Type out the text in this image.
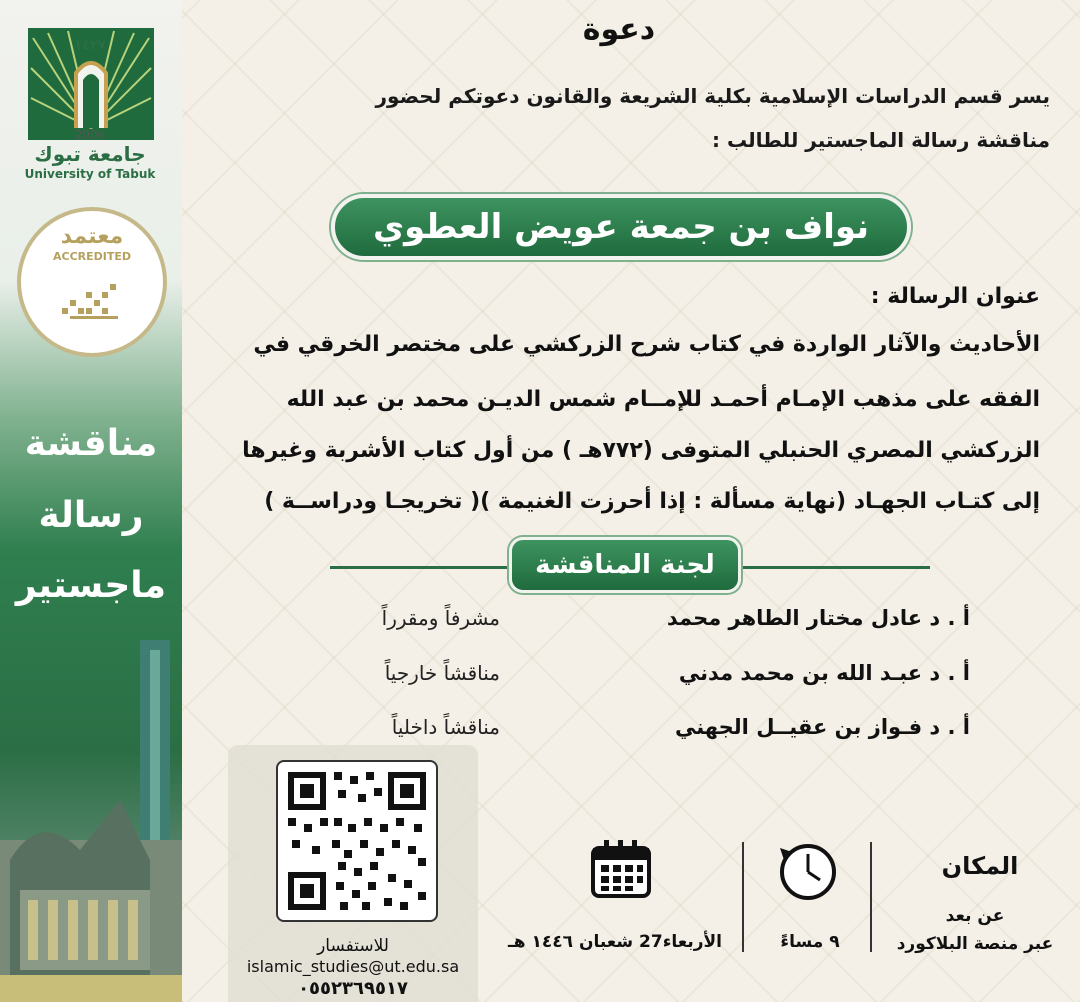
١٤٢٧
2006
جامعة تبوك
University of Tabuk
معتمد
ACCREDITED
مناقشة
رسالة
ماجستير
دعوة
يسر قسم الدراسات الإسلامية بكلية الشريعة والقانون دعوتكم لحضور
مناقشة رسالة الماجستير للطالب :
نواف بن جمعة عويض العطوي
عنوان الرسالة :
الأحاديث والآثار الواردة في كتاب شرح الزركشي على مختصر الخرقي في
الفقه على مذهب الإمـام أحمـد للإمــام شمس الديـن محمد بن عبد الله
الزركشي المصري الحنبلي المتوفى (٧٧٢هـ ) من أول كتاب الأشربة وغيرها
إلى كتـاب الجهـاد (نهاية مسألة : إذا أحرزت الغنيمة )( تخريجـا ودراســة )
لجنة المناقشة
أ . د عادل مختار الطاهر محمد
مشرفاً ومقرراً
أ . د عبـد الله بن محمد مدني
مناقشاً خارجياً
أ . د فـواز بن عقيــل الجهني
مناقشاً داخلياً
للاستفسار
islamic_studies@ut.edu.sa
٠٥٥٢٣٦٩٥١٧
المكان
عن بعد
عبر منصة البلاكورد
٩ مساءً
الأربعاء27 شعبان ١٤٤٦ هـ
